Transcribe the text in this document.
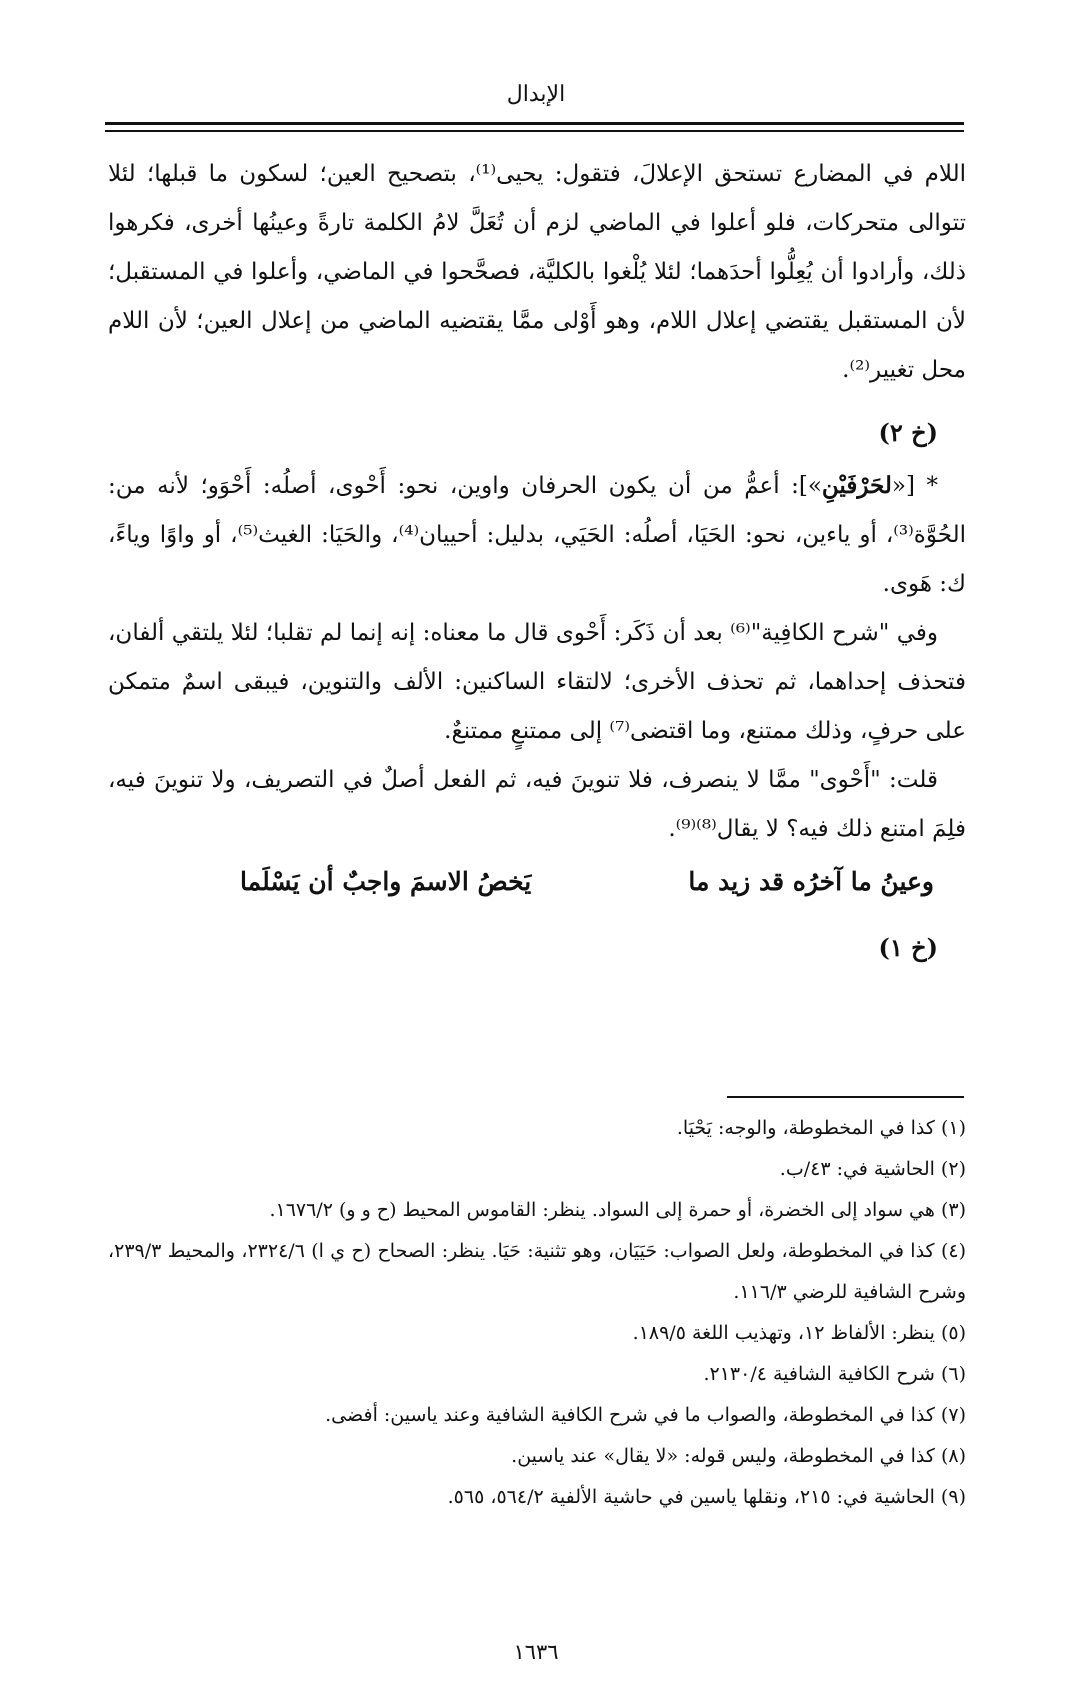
الإبدال

اللام في المضارع تستحق الإعلالَ، فتقول: يحيى⁽¹⁾، بتصحيح العين؛ لسكون ما قبلها؛ لئلا تتوالى متحركات، فلو أعلوا في الماضي لزم أن تُعَلَّ لامُ الكلمة تارةً وعينُها أخرى، فكرهوا ذلك، وأرادوا أن يُعِلُّوا أحدَهما؛ لئلا يُلْغوا بالكليَّة، فصحَّحوا في الماضي، وأعلوا في المستقبل؛ لأن المستقبل يقتضي إعلال اللام، وهو أَوْلى ممَّا يقتضيه الماضي من إعلال العين؛ لأن اللام محل تغيير⁽²⁾.

(خ ٢)

* [«لحَرْفَيْنِ»]: أعمُّ من أن يكون الحرفان واوين، نحو: أَحْوى، أصلُه: أَحْوَو؛ لأنه من: الحُوَّة⁽³⁾، أو ياءين، نحو: الحَيَا، أصلُه: الحَيَي، بدليل: أحييان⁽⁴⁾، والحَيَا: الغيث⁽⁵⁾، أو واوًا وياءً، ك: هَوى.

وفي "شرح الكافِية"⁽⁶⁾ بعد أن ذَكَر: أَحْوى قال ما معناه: إنه إنما لم تقلبا؛ لئلا يلتقي ألفان، فتحذف إحداهما، ثم تحذف الأخرى؛ لالتقاء الساكنين: الألف والتنوين، فيبقى اسمٌ متمكن على حرفٍ، وذلك ممتنع، وما اقتضى⁽⁷⁾ إلى ممتنعٍ ممتنعٌ.

قلت: "أَحْوى" ممَّا لا ينصرف، فلا تنوينَ فيه، ثم الفعل أصلٌ في التصريف، ولا تنوينَ فيه، فلِمَ امتنع ذلك فيه؟ لا يقال⁽⁸⁾⁽⁹⁾.

وعينُ ما آخرُه قد زيد ما
يَخصُ الاسمَ واجبٌ أن يَسْلَما
(خ ١)

(١) كذا في المخطوطة، والوجه: يَحْيَا.

(٢) الحاشية في: ٤٣/ب.

(٣) هي سواد إلى الخضرة، أو حمرة إلى السواد. ينظر: القاموس المحيط (ح و و) ١٦٧٦/٢.

(٤) كذا في المخطوطة، ولعل الصواب: حَيَيَان، وهو تثنية: حَيَا. ينظر: الصحاح (ح ي ا) ٢٣٢٤/٦، والمحيط ٢٣٩/٣، وشرح الشافية للرضي ١١٦/٣.

(٥) ينظر: الألفاظ ١٢، وتهذيب اللغة ١٨٩/٥.

(٦) شرح الكافية الشافية ٢١٣٠/٤.

(٧) كذا في المخطوطة، والصواب ما في شرح الكافية الشافية وعند ياسين: أفضى.

(٨) كذا في المخطوطة، وليس قوله: «لا يقال» عند ياسين.

(٩) الحاشية في: ٢١٥، ونقلها ياسين في حاشية الألفية ٥٦٤/٢، ٥٦٥.

١٦٣٦
